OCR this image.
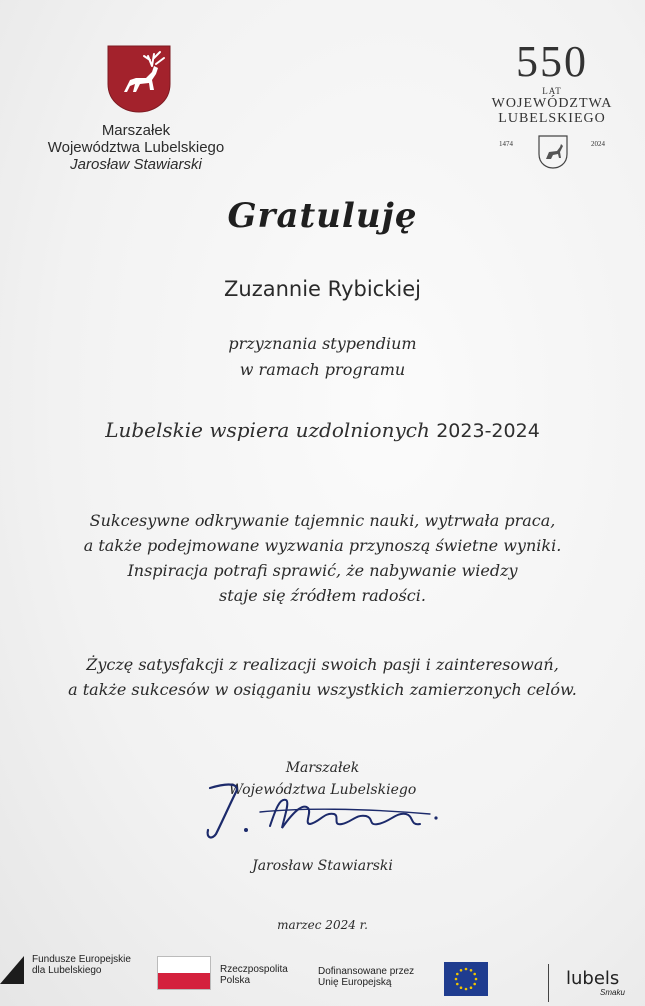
Marszałek
Województwa Lubelskiego
Jarosław Stawiarski
550
LAT
WOJEWÓDZTWA
LUBELSKIEGO
1474	2024
Gratuluję
Zuzannie Rybickiej
przyznania stypendium
w ramach programu
Lubelskie wspiera uzdolnionych 2023-2024
Sukcesywne odkrywanie tajemnic nauki, wytrwała praca,
a także podejmowane wyzwania przynoszą świetne wyniki.
Inspiracja potrafi sprawić, że nabywanie wiedzy
staje się źródłem radości.
Życzę satysfakcji z realizacji swoich pasji i zainteresowań,
a także sukcesów w osiąganiu wszystkich zamierzonych celów.
Marszałek
Województwa Lubelskiego
Jarosław Stawiarski
marzec 2024 r.
Fundusze Europejskie
dla Lubelskiego	Rzeczpospolita
Polska
Dofinansowane przez
Unię Europejską	lubels
Smaku
